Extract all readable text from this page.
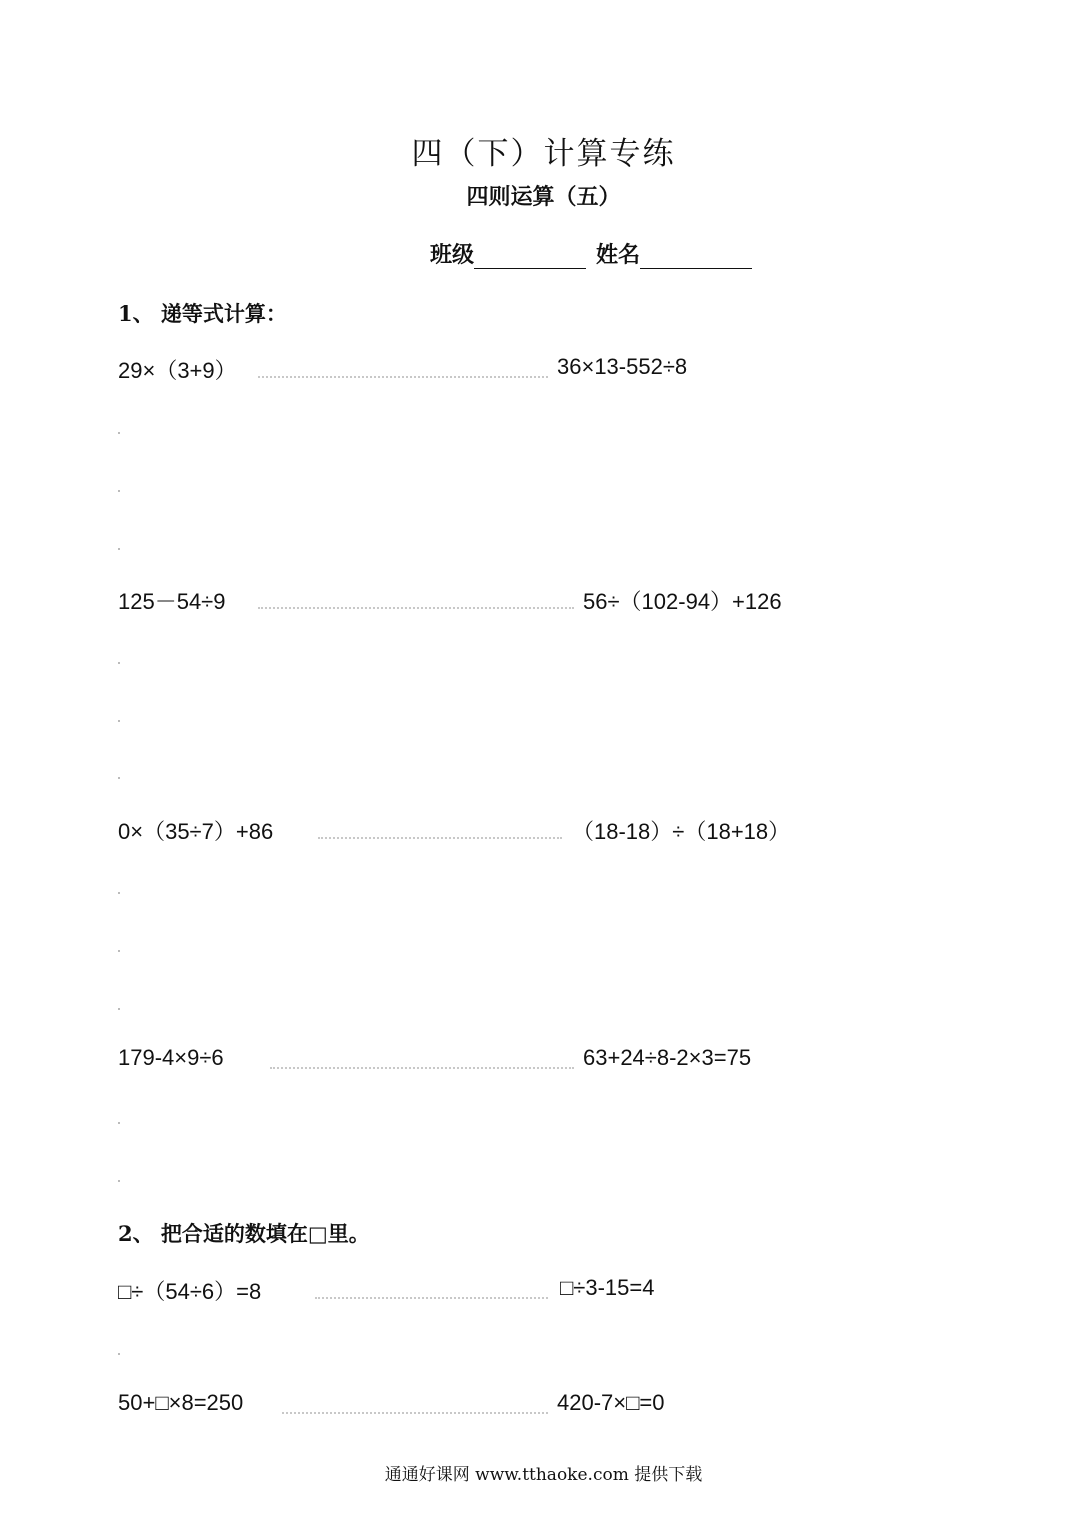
四（下）计算专练
四则运算（五）
班级	姓名
1、 递等式计算：
29×（3+9）	36×13-552÷8
125－54÷9	56÷（102-94）+126
0×（35÷7）+86	（18-18）÷（18+18）
179-4×9÷6	63+24÷8-2×3=75
2、 把合适的数填在□里。
□÷（54÷6）=8	□÷3-15=4
50+□×8=250	420-7×□=0
通通好课网 www.tthaoke.com 提供下载
